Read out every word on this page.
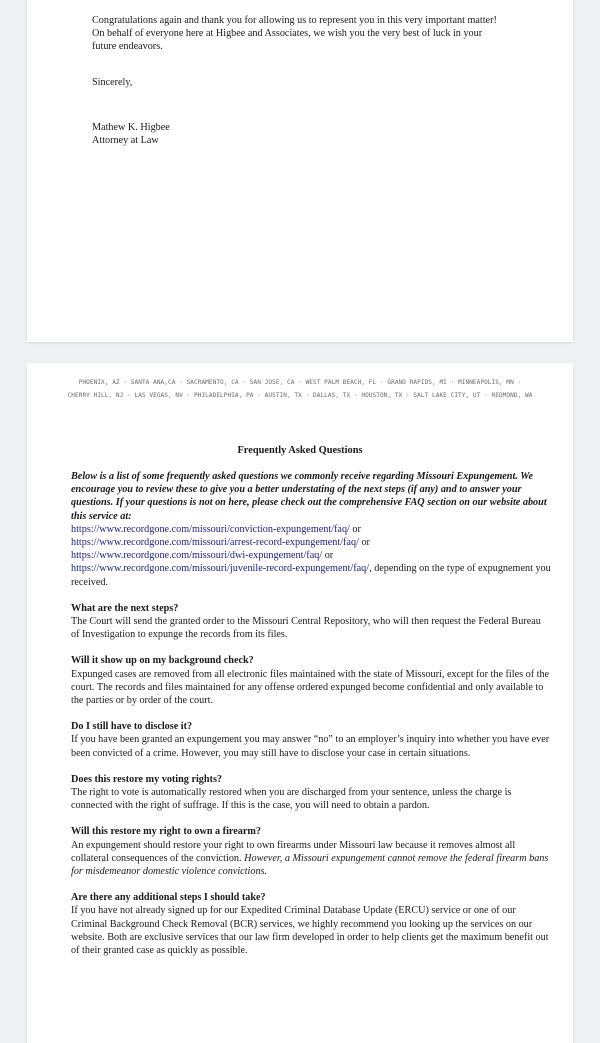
Congratulations again and thank you for allowing us to represent you in this very important matter!
On behalf of everyone here at Higbee and Associates, we wish you the very best of luck in your
future endeavors.

Sincerely,

Mathew K. Higbee

Attorney at Law

PHOENIX, AZ · SANTA ANA,CA · SACRAMENTO, CA · SAN JOSE, CA · WEST PALM BEACH, FL · GRAND RAPIDS, MI · MINNEAPOLIS, MN ·
CHERRY HILL, NJ · LAS VEGAS, NV · PHILADELPHIA, PA · AUSTIN, TX · DALLAS, TX · HOUSTON, TX · SALT LAKE CITY, UT · REDMOND, WA
Frequently Asked Questions

Below is a list of some frequently asked questions we commonly receive regarding Missouri Expungement. We encourage you to review these to give you a better understating of the next steps (if any) and to answer your questions. If your questions is not on here, please check out the comprehensive FAQ section on our website about this service at:

https://www.recordgone.com/missouri/conviction-expungement/faq/ or
https://www.recordgone.com/missouri/arrest-record-expungement/faq/ or
https://www.recordgone.com/missouri/dwi-expungement/faq/ or
https://www.recordgone.com/missouri/juvenile-record-expungement/faq/, depending on the type of expugnement you received.

What are the next steps?

The Court will send the granted order to the Missouri Central Repository, who will then request the Federal Bureau of Investigation to expunge the records from its files.

Will it show up on my background check?

Expunged cases are removed from all electronic files maintained with the state of Missouri, except for the files of the court. The records and files maintained for any offense ordered expunged become confidential and only available to the parties or by order of the court.

Do I still have to disclose it?

If you have been granted an expungement you may answer “no” to an employer’s inquiry into whether you have ever been convicted of a crime. However, you may still have to disclose your case in certain situations.

Does this restore my voting rights?

The right to vote is automatically restored when you are discharged from your sentence, unless the charge is connected with the right of suffrage. If this is the case, you will need to obtain a pardon.

Will this restore my right to own a firearm?

An expungement should restore your right to own firearms under Missouri law because it removes almost all collateral consequences of the conviction. However, a Missouri expungement cannot remove the federal firearm bans for misdemeanor domestic violence convictions.

Are there any additional steps I should take?

If you have not already signed up for our Expedited Criminal Database Update (ERCU) service or one of our Criminal Background Check Removal (BCR) services, we highly recommend you looking up the services on our website. Both are exclusive services that our law firm developed in order to help clients get the maximum benefit out of their granted case as quickly as possible.
